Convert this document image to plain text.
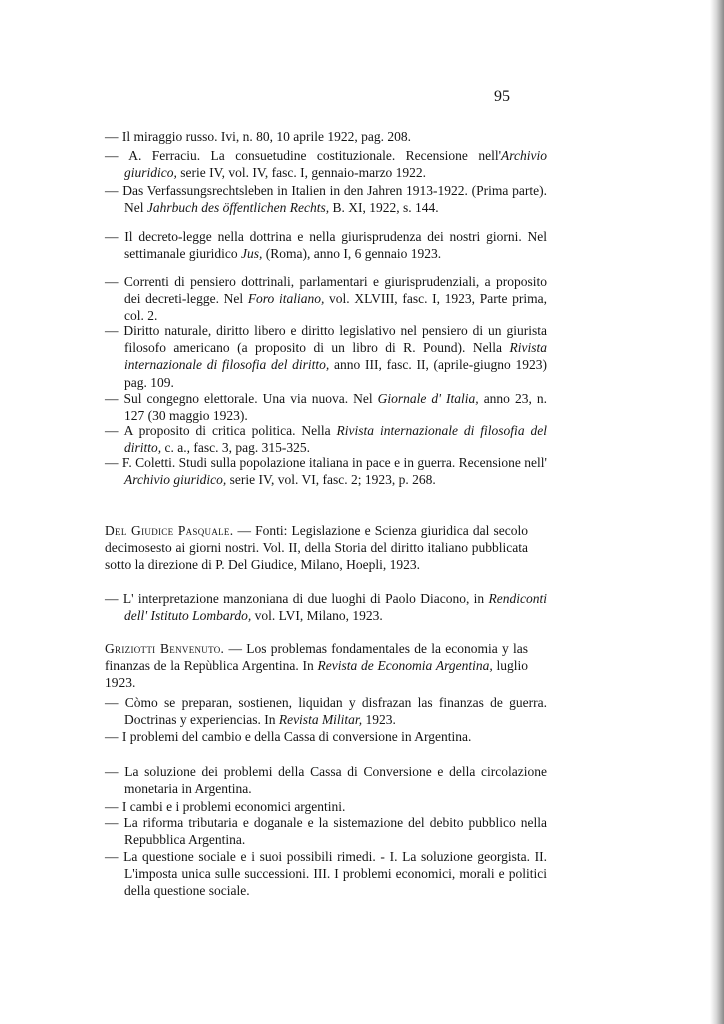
95

— Il miraggio russo. Ivi, n. 80, 10 aprile 1922, pag. 208.

— A. Ferraciu. La consuetudine costituzionale. Recensione nell'Archivio giuridico, serie IV, vol. IV, fasc. I, gennaio-marzo 1922.

— Das Verfassungsrechtsleben in Italien in den Jahren 1913-1922. (Prima parte). Nel Jahrbuch des öffentlichen Rechts, B. XI, 1922, s. 144.

— Il decreto-legge nella dottrina e nella giurisprudenza dei nostri giorni. Nel settimanale giuridico Jus, (Roma), anno I, 6 gennaio 1923.

— Correnti di pensiero dottrinali, parlamentari e giurisprudenziali, a proposito dei decreti-legge. Nel Foro italiano, vol. XLVIII, fasc. I, 1923, Parte prima, col. 2.

— Diritto naturale, diritto libero e diritto legislativo nel pensiero di un giurista filosofo americano (a proposito di un libro di R. Pound). Nella Rivista internazionale di filosofia del diritto, anno III, fasc. II, (aprile-giugno 1923) pag. 109.

— Sul congegno elettorale. Una via nuova. Nel Giornale d' Italia, anno 23, n. 127 (30 maggio 1923).

— A proposito di critica politica. Nella Rivista internazionale di filosofia del diritto, c. a., fasc. 3, pag. 315-325.

— F. Coletti. Studi sulla popolazione italiana in pace e in guerra. Recensione nell' Archivio giuridico, serie IV, vol. VI, fasc. 2; 1923, p. 268.

Del Giudice Pasquale. — Fonti: Legislazione e Scienza giuridica dal secolo decimosesto ai giorni nostri. Vol. II, della Storia del diritto italiano pubblicata sotto la direzione di P. Del Giudice, Milano, Hoepli, 1923.

— L' interpretazione manzoniana di due luoghi di Paolo Diacono, in Rendiconti dell' Istituto Lombardo, vol. LVI, Milano, 1923.

Griziotti Benvenuto. — Los problemas fondamentales de la economia y las finanzas de la Repùblica Argentina. In Revista de Economia Argentina, luglio 1923.

— Còmo se preparan, sostienen, liquidan y disfrazan las finanzas de guerra. Doctrinas y experiencias. In Revista Militar, 1923.

— I problemi del cambio e della Cassa di conversione in Argentina.

— La soluzione dei problemi della Cassa di Conversione e della circolazione monetaria in Argentina.

— I cambi e i problemi economici argentini.

— La riforma tributaria e doganale e la sistemazione del debito pubblico nella Repubblica Argentina.

— La questione sociale e i suoi possibili rimedi. - I. La soluzione georgista. II. L'imposta unica sulle successioni. III. I problemi economici, morali e politici della questione sociale.
